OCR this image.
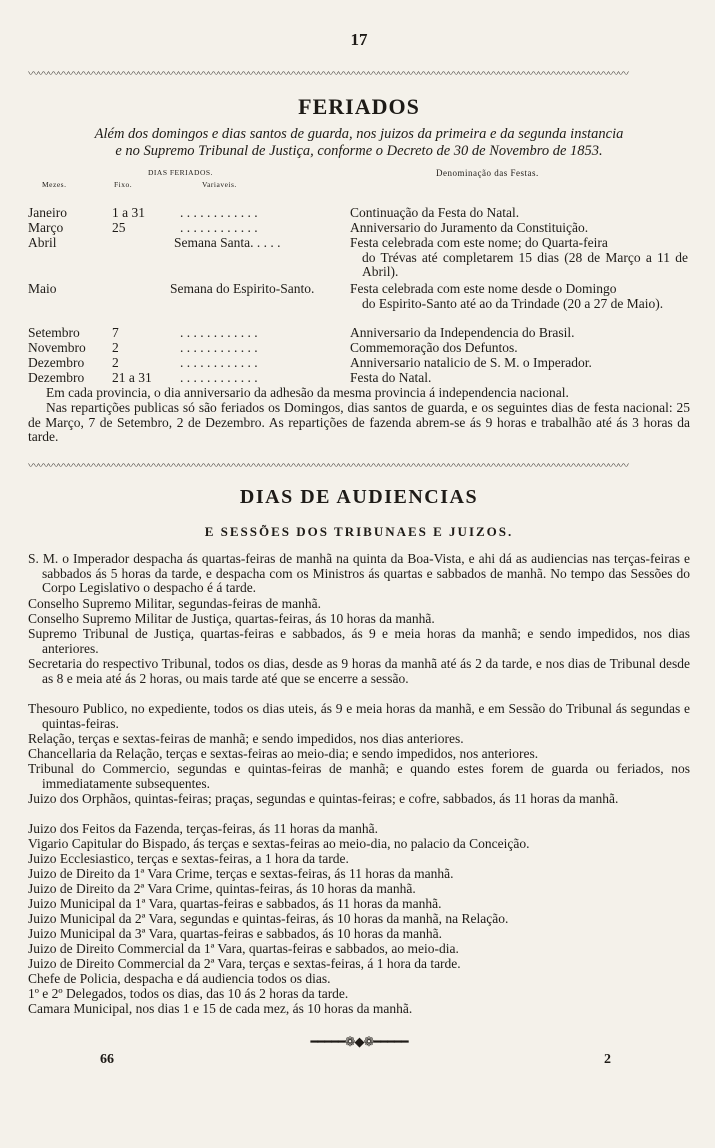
17
〰〰〰〰〰〰〰〰〰〰〰〰〰〰〰〰〰〰〰〰〰〰〰〰〰〰〰〰〰〰〰〰〰〰〰〰〰〰〰〰〰〰〰〰〰〰〰〰〰〰〰〰〰〰〰〰〰〰〰〰
FERIADOS
Além dos domingos e dias santos de guarda, nos juizos da primeira e da segunda instancia
e no Supremo Tribunal de Justiça, conforme o Decreto de 30 de Novembro de 1853.
DIAS FERIADOS.	Denominação das Festas.
Mezes.	Fixo.	Variaveis.
Janeiro	1 a 31	. . . . . . . . . . . .	Continuação da Festa do Natal.
Março	25	. . . . . . . . . . . .	Anniversario do Juramento da Constituição.
Abril	Semana Santa. . . . .	Festa celebrada com este nome; do Quarta-feira
do Trévas até completarem 15 dias (28 de Março a 11 de Abril).
Maio	Semana do Espirito-Santo.	Festa celebrada com este nome desde o Domingo
do Espirito-Santo até ao da Trindade (20 a 27 de Maio).
Setembro 7	. . . . . . . . . . . .	Anniversario da Independencia do Brasil.
Novembro 2	. . . . . . . . . . . .	Commemoração dos Defuntos.
Dezembro 2	. . . . . . . . . . . .	Anniversario natalicio de S. M. o Imperador.
Dezembro 21 a 31 . . . . . . . . . . . .	Festa do Natal.
Em cada provincia, o dia anniversario da adhesão da mesma provincia á independencia nacional.
Nas repartições publicas só são feriados os Domingos, dias santos de guarda, e os seguintes dias de festa nacional: 25 de Março, 7 de Setembro, 2 de Dezembro. As repartições de fazenda abrem-se ás 9 horas e trabalhão até ás 3 horas da tarde.
〰〰〰〰〰〰〰〰〰〰〰〰〰〰〰〰〰〰〰〰〰〰〰〰〰〰〰〰〰〰〰〰〰〰〰〰〰〰〰〰〰〰〰〰〰〰〰〰〰〰〰〰〰〰〰〰〰〰〰〰
DIAS DE AUDIENCIAS
E SESSÕES DOS TRIBUNAES E JUIZOS.
S. M. o Imperador despacha ás quartas-feiras de manhã na quinta da Boa-Vista, e ahi dá as audiencias nas terças-feiras e sabbados ás 5 horas da tarde, e despacha com os Ministros ás quartas e sabbados de manhã. No tempo das Sessões do Corpo Legislativo o despacho é á tarde.
Conselho Supremo Militar, segundas-feiras de manhã.
Conselho Supremo Militar de Justiça, quartas-feiras, ás 10 horas da manhã.
Supremo Tribunal de Justiça, quartas-feiras e sabbados, ás 9 e meia horas da manhã; e sendo impedidos, nos dias anteriores.
Secretaria do respectivo Tribunal, todos os dias, desde as 9 horas da manhã até ás 2 da tarde, e nos dias de Tribunal desde as 8 e meia até ás 2 horas, ou mais tarde até que se encerre a sessão.
Thesouro Publico, no expediente, todos os dias uteis, ás 9 e meia horas da manhã, e em Sessão do Tribunal ás segundas e quintas-feiras.
Relação, terças e sextas-feiras de manhã; e sendo impedidos, nos dias anteriores.
Chancellaria da Relação, terças e sextas-feiras ao meio-dia; e sendo impedidos, nos anteriores.
Tribunal do Commercio, segundas e quintas-feiras de manhã; e quando estes forem de guarda ou feriados, nos immediatamente subsequentes.
Juizo dos Orphãos, quintas-feiras; praças, segundas e quintas-feiras; e cofre, sabbados, ás 11 horas da manhã.
Juizo dos Feitos da Fazenda, terças-feiras, ás 11 horas da manhã.
Vigario Capitular do Bispado, ás terças e sextas-feiras ao meio-dia, no palacio da Conceição.
Juizo Ecclesiastico, terças e sextas-feiras, a 1 hora da tarde.
Juizo de Direito da 1ª Vara Crime, terças e sextas-feiras, ás 11 horas da manhã.
Juizo de Direito da 2ª Vara Crime, quintas-feiras, ás 10 horas da manhã.
Juizo Municipal da 1ª Vara, quartas-feiras e sabbados, ás 11 horas da manhã.
Juizo Municipal da 2ª Vara, segundas e quintas-feiras, ás 10 horas da manhã, na Relação.
Juizo Municipal da 3ª Vara, quartas-feiras e sabbados, ás 10 horas da manhã.
Juizo de Direito Commercial da 1ª Vara, quartas-feiras e sabbados, ao meio-dia.
Juizo de Direito Commercial da 2ª Vara, terças e sextas-feiras, á 1 hora da tarde.
Chefe de Policia, despacha e dá audiencia todos os dias.
1º e 2º Delegados, todos os dias, das 10 ás 2 horas da tarde.
Camara Municipal, nos dias 1 e 15 de cada mez, ás 10 horas da manhã.
━━━━━❁◆❁━━━━━
66	2
